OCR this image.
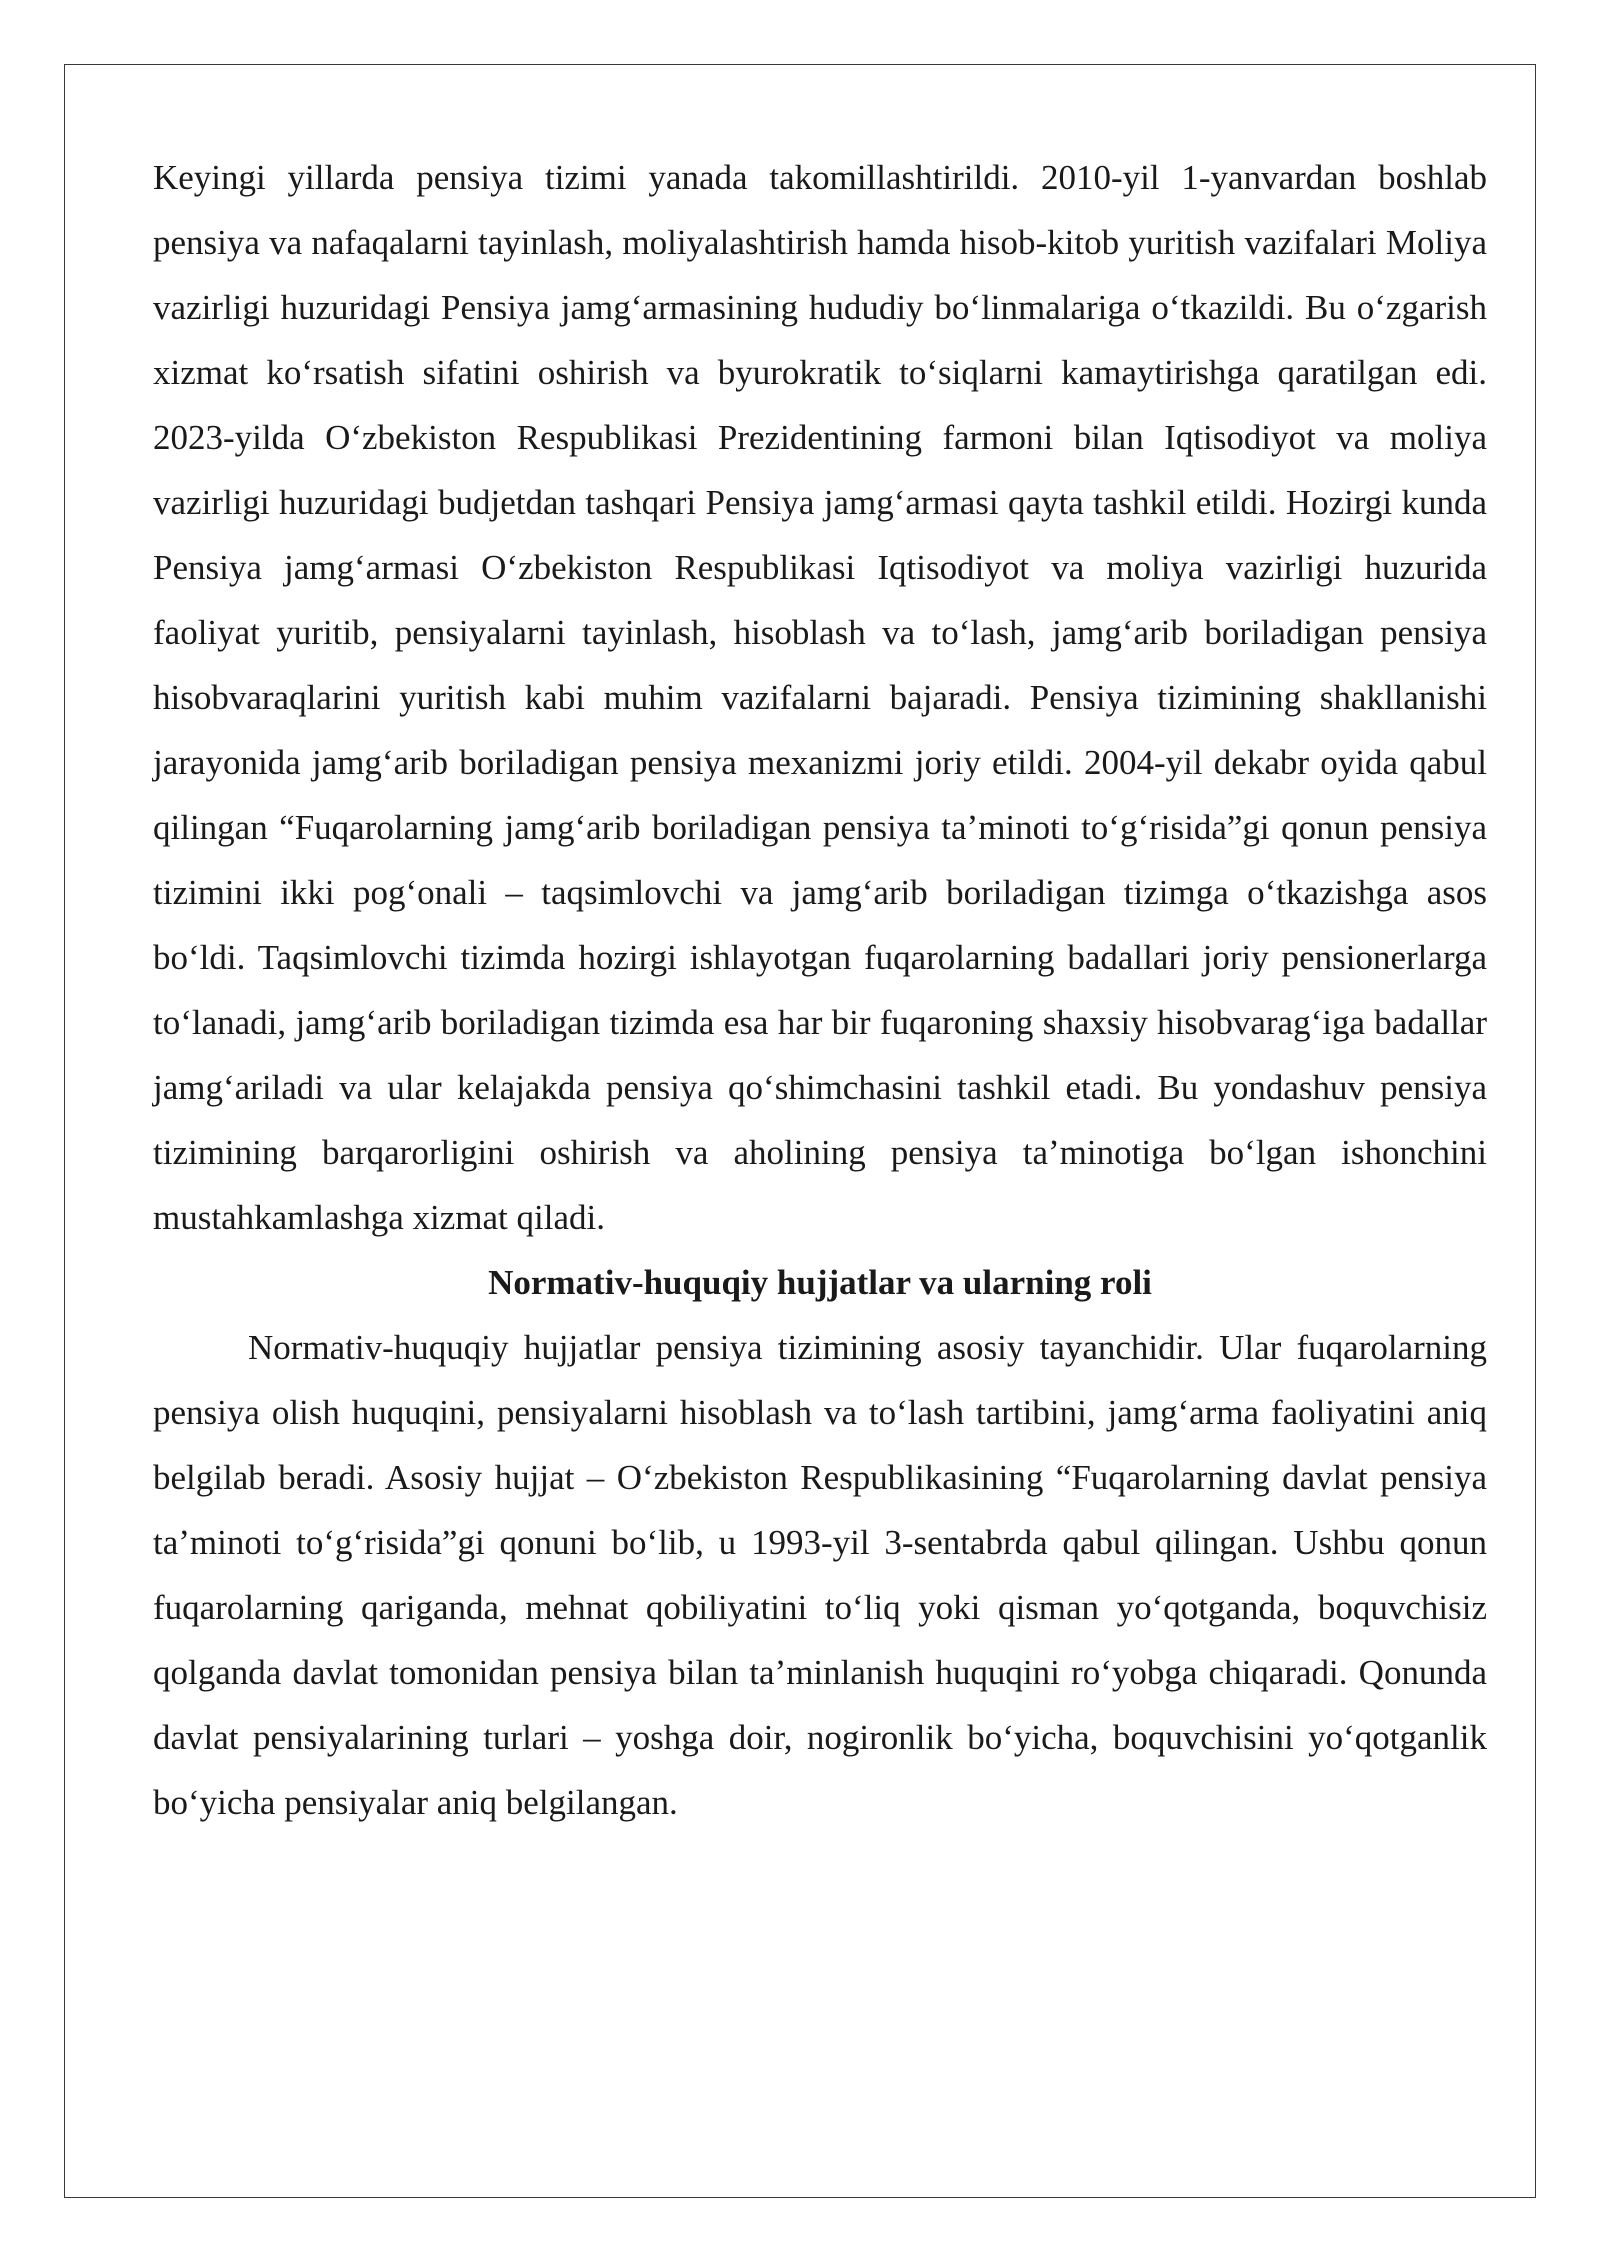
Keyingi yillarda pensiya tizimi yanada takomillashtirildi. 2010-yil 1-yanvardan boshlab pensiya va nafaqalarni tayinlash, moliyalashtirish hamda hisob-kitob yuritish vazifalari Moliya vazirligi huzuridagi Pensiya jamgʻarmasining hududiy boʻlinmalariga oʻtkazildi. Bu oʻzgarish xizmat koʻrsatish sifatini oshirish va byurokratik toʻsiqlarni kamaytirishga qaratilgan edi. 2023-yilda Oʻzbekiston Respublikasi Prezidentining farmoni bilan Iqtisodiyot va moliya vazirligi huzuridagi budjetdan tashqari Pensiya jamgʻarmasi qayta tashkil etildi. Hozirgi kunda Pensiya jamgʻarmasi Oʻzbekiston Respublikasi Iqtisodiyot va moliya vazirligi huzurida faoliyat yuritib, pensiyalarni tayinlash, hisoblash va toʻlash, jamgʻarib boriladigan pensiya hisobvaraqlarini yuritish kabi muhim vazifalarni bajaradi. Pensiya tizimining shakllanishi jarayonida jamgʻarib boriladigan pensiya mexanizmi joriy etildi. 2004-yil dekabr oyida qabul qilingan “Fuqarolarning jamgʻarib boriladigan pensiya taʼminoti toʻgʻrisida”gi qonun pensiya tizimini ikki pogʻonali – taqsimlovchi va jamgʻarib boriladigan tizimga oʻtkazishga asos boʻldi. Taqsimlovchi tizimda hozirgi ishlayotgan fuqarolarning badallari joriy pensionerlarga toʻlanadi, jamgʻarib boriladigan tizimda esa har bir fuqaroning shaxsiy hisobvaragʻiga badallar jamgʻariladi va ular kelajakda pensiya qoʻshimchasini tashkil etadi. Bu yondashuv pensiya tizimining barqarorligini oshirish va aholining pensiya taʼminotiga boʻlgan ishonchini mustahkamlashga xizmat qiladi.

Normativ-huquqiy hujjatlar va ularning roli

Normativ-huquqiy hujjatlar pensiya tizimining asosiy tayanchidir. Ular fuqarolarning pensiya olish huquqini, pensiyalarni hisoblash va toʻlash tartibini, jamgʻarma faoliyatini aniq belgilab beradi. Asosiy hujjat – Oʻzbekiston Respublikasining “Fuqarolarning davlat pensiya taʼminoti toʻgʻrisida”gi qonuni boʻlib, u 1993-yil 3-sentabrda qabul qilingan. Ushbu qonun fuqarolarning qariganda, mehnat qobiliyatini toʻliq yoki qisman yoʻqotganda, boquvchisiz qolganda davlat tomonidan pensiya bilan taʼminlanish huquqini roʻyobga chiqaradi. Qonunda davlat pensiyalarining turlari – yoshga doir, nogironlik boʻyicha, boquvchisini yoʻqotganlik boʻyicha pensiyalar aniq belgilangan.
